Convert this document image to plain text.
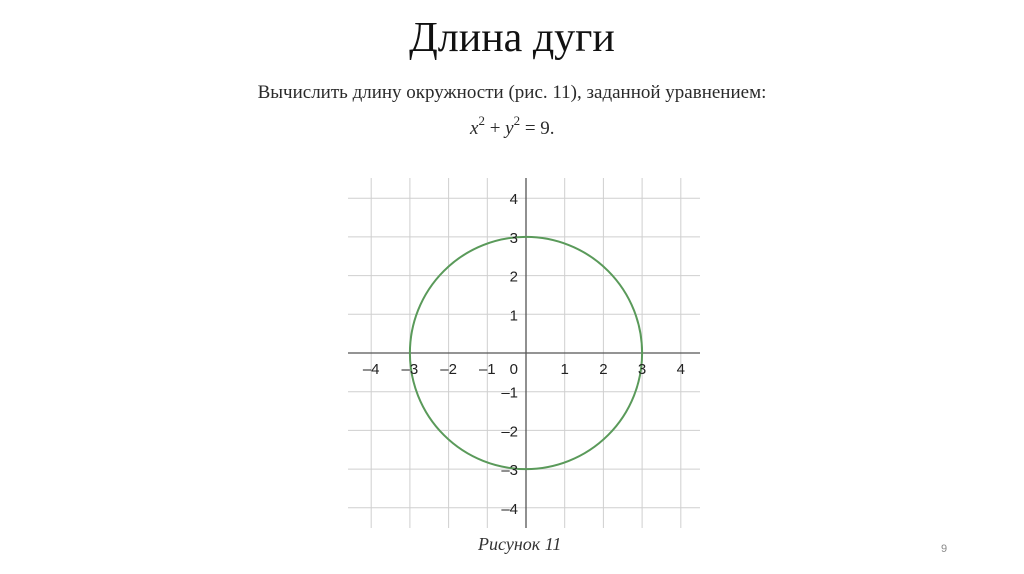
Длина дуги
Вычислить длину окружности (рис. 11), заданной уравнением:
$x^2 + y^2 = 9$.
–4 –3 –2 –1	1 2 3 4
–4
–3
–2
–1
1
2
3
4
0
Рисунок 11	9
